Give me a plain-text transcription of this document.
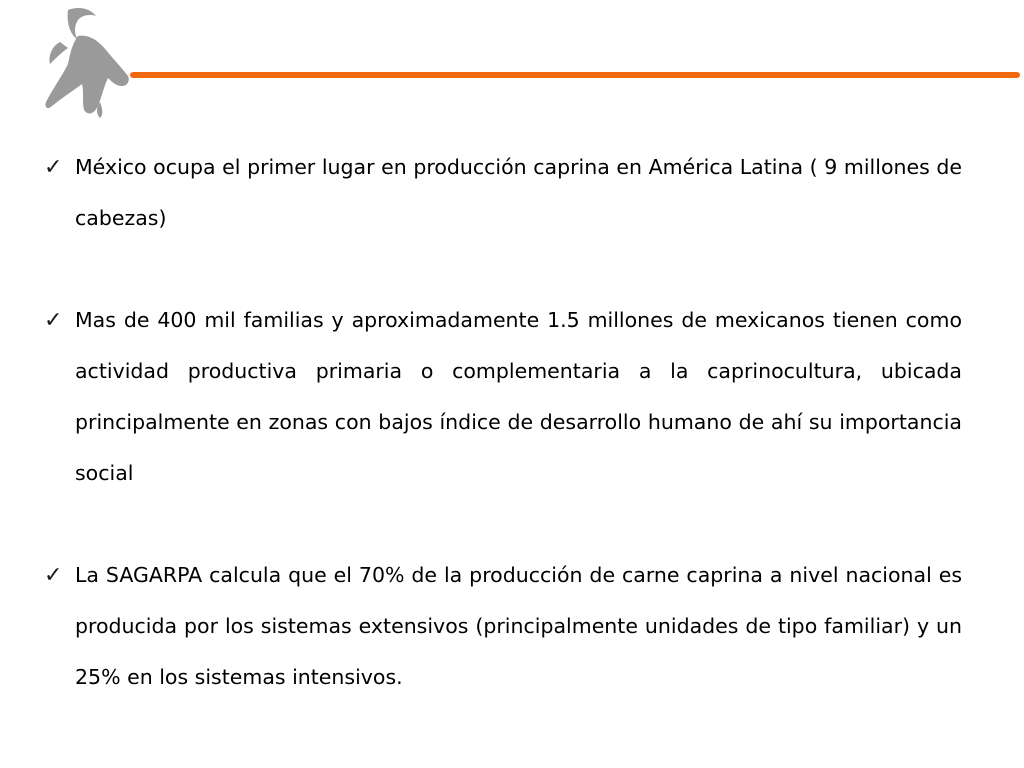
✓ México ocupa el primer lugar en producción caprina en América Latina ( 9 millones de cabezas)
✓ Mas de 400 mil familias y aproximadamente 1.5 millones de mexicanos tienen como actividad productiva primaria o complementaria a la caprinocultura, ubicada principalmente en zonas con bajos índice de desarrollo humano de ahí su importancia social
✓ La SAGARPA calcula que el 70% de la producción de carne caprina a nivel nacional es producida por los sistemas extensivos (principalmente unidades de tipo familiar) y un 25% en los sistemas intensivos.
